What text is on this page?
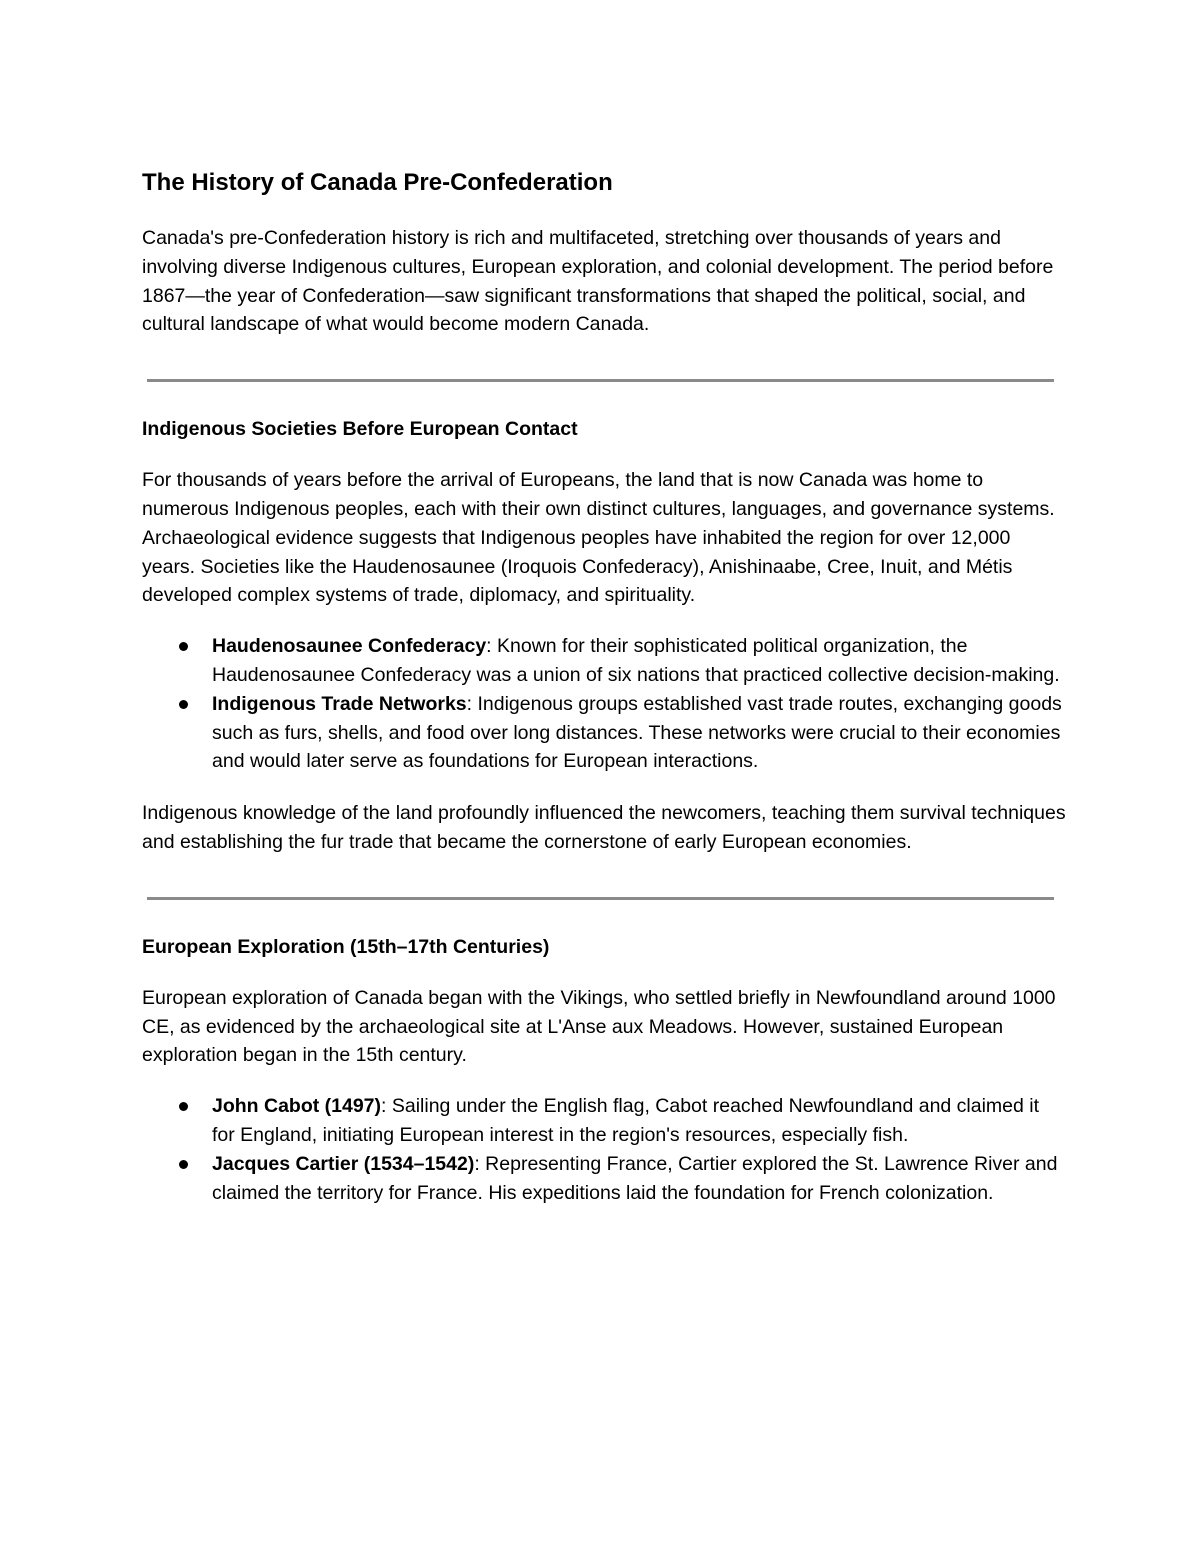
The History of Canada Pre-Confederation

Canada's pre-Confederation history is rich and multifaceted, stretching over thousands of years and involving diverse Indigenous cultures, European exploration, and colonial development. The period before 1867—the year of Confederation—saw significant transformations that shaped the political, social, and cultural landscape of what would become modern Canada.

Indigenous Societies Before European Contact

For thousands of years before the arrival of Europeans, the land that is now Canada was home to numerous Indigenous peoples, each with their own distinct cultures, languages, and governance systems. Archaeological evidence suggests that Indigenous peoples have inhabited the region for over 12,000 years. Societies like the Haudenosaunee (Iroquois Confederacy), Anishinaabe, Cree, Inuit, and Métis developed complex systems of trade, diplomacy, and spirituality.

Haudenosaunee Confederacy: Known for their sophisticated political organization, the Haudenosaunee Confederacy was a union of six nations that practiced collective decision-making.
Indigenous Trade Networks: Indigenous groups established vast trade routes, exchanging goods such as furs, shells, and food over long distances. These networks were crucial to their economies and would later serve as foundations for European interactions.

Indigenous knowledge of the land profoundly influenced the newcomers, teaching them survival techniques and establishing the fur trade that became the cornerstone of early European economies.

European Exploration (15th–17th Centuries)

European exploration of Canada began with the Vikings, who settled briefly in Newfoundland around 1000 CE, as evidenced by the archaeological site at L'Anse aux Meadows. However, sustained European exploration began in the 15th century.

John Cabot (1497): Sailing under the English flag, Cabot reached Newfoundland and claimed it for England, initiating European interest in the region's resources, especially fish.
Jacques Cartier (1534–1542): Representing France, Cartier explored the St. Lawrence River and claimed the territory for France. His expeditions laid the foundation for French colonization.
